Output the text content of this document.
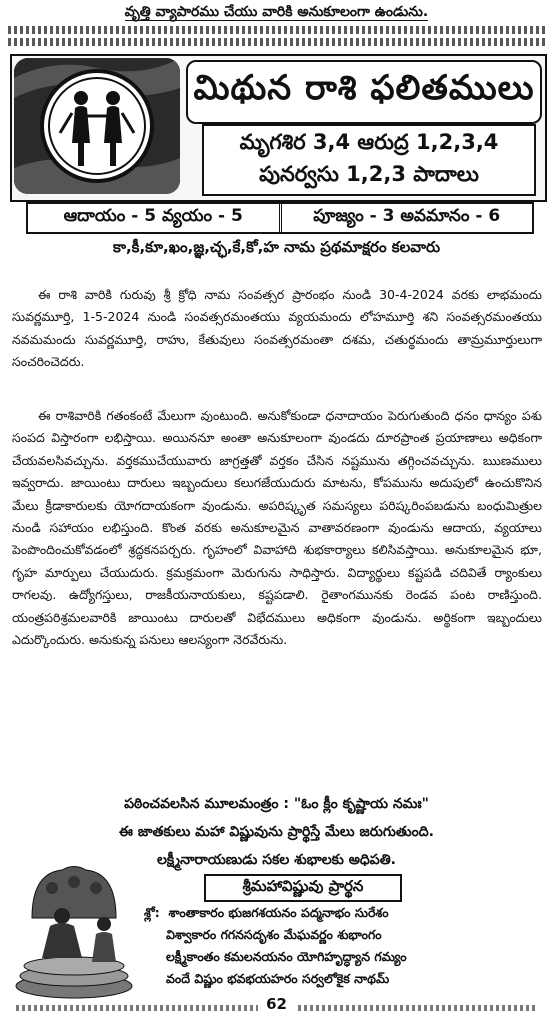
వృత్తి వ్యాపారము చేయు వారికి అనుకూలంగా ఉండును.
మిథున రాశి ఫలితములు
మృగశిర 3,4 ఆరుద్ర 1,2,3,4
పునర్వసు 1,2,3 పాదాలు
ఆదాయం - 5 వ్యయం - 5	పూజ్యం - 3 అవమానం - 6
కా,కీ,కూ,ఖం,జ్ఞ,చ్ఛ,కే,కో,హ నామ ప్రథమాక్షరం కలవారు

ఈ రాశి వారికి గురువు శ్రీ క్రోధి నామ సంవత్సర ప్రారంభం నుండి 30-4-2024 వరకు లాభమందు సువర్ణమూర్తి, 1-5-2024 నుండి సంవత్సరమంతయు వ్యయమందు లోహమూర్తి శని సంవత్సరమంతయు నవమమందు సువర్ణమూర్తి, రాహు, కేతువులు సంవత్సరమంతా దశమ, చతుర్థమందు తామ్రమూర్తులుగా సంచరించెదరు.

ఈ రాశివారికి గతంకంటే మేలుగా వుంటుంది. అనుకోకుండా ధనాదాయం పెరుగుతుంది ధనం ధాన్యం పశు సంపద విస్తారంగా లభిస్తాయి. అయిననూ అంతా అనుకూలంగా వుండదు దూరప్రాంత ప్రయాణాలు అధికంగా చేయవలసివచ్చును. వర్తకముచేయువారు జాగ్రత్తతో వర్తకం చేసిన నష్టమును తగ్గించవచ్చును. ఋణములు ఇవ్వరాదు. జాయింటు దారులు ఇబ్బందులు కలుగజేయుదురు మాటను, కోపమును అదుపులో ఉంచుకొనిన మేలు క్రీడాకారులకు యోగదాయకంగా వుండును. అపరిష్కృత సమస్యలు పరిష్కరింపబడును బంధుమిత్రుల నుండి సహాయం లభిస్తుంది. కొంత వరకు అనుకూలమైన వాతావరణంగా వుండును ఆదాయ, వ్యయాలు పెంపొందించుకోవడంలో శ్రద్ధకనపర్చరు. గృహంలో వివాహాది శుభకార్యాలు కలిసివస్తాయి. అనుకూలమైన భూ, గృహ మార్పులు చేయుదురు. క్రమక్రమంగా మెరుగును సాధిస్తారు. విద్యార్థులు కష్టపడి చదివితే ర్యాంకులు రాగలవు. ఉద్యోగస్తులు, రాజకీయనాయకులు, కష్టపడాలి. రైతాంగమునకు రెండవ పంట రాణిస్తుంది. యంత్రపరిశ్రమలవారికి జాయింటు దారులతో విభేదములు అధికంగా వుండును. అర్థికంగా ఇబ్బందులు ఎదుర్కొందురు. అనుకున్న పనులు ఆలస్యంగా నెరవేరును.

పఠించవలసిన మూలమంత్రం : "ఓం క్లీం కృష్ణాయ నమః"
ఈ జాతకులు మహా విష్ణువును ప్రార్థిస్తే మేలు జరుగుతుంది.
లక్ష్మీనారాయణుడు సకల శుభాలకు అధిపతి.
శ్రీమహావిష్ణువు ప్రార్థన
శ్లో: శాంతాకారం భుజగశయనం పద్మనాభం సురేశం
విశ్వాకారం గగనసదృశం మేఘవర్ణం శుభాంగం
లక్ష్మీకాంతం కమలనయనం యోగిహృద్ధ్యాన గమ్యం
వందే విష్ణుం భవభయహరం సర్వలోకైక నాథమ్
62
